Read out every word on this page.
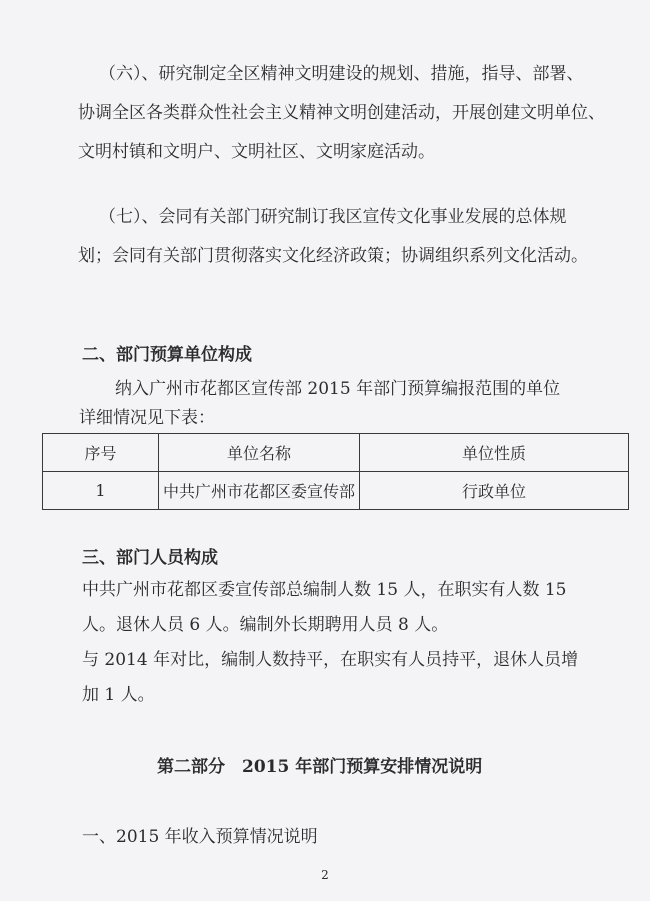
（六）、研究制定全区精神文明建设的规划、措施，指导、部署、
协调全区各类群众性社会主义精神文明创建活动，开展创建文明单位、
文明村镇和文明户、文明社区、文明家庭活动。

（七）、会同有关部门研究制订我区宣传文化事业发展的总体规
划；会同有关部门贯彻落实文化经济政策；协调组织系列文化活动。

二、部门预算单位构成

纳入广州市花都区宣传部 2015 年部门预算编报范围的单位
详细情况见下表：

序号	单位名称	单位性质
1	中共广州市花都区委宣传部	行政单位
三、部门人员构成

中共广州市花都区委宣传部总编制人数 15 人，在职实有人数 15
人。退休人员 6 人。编制外长期聘用人员 8 人。
与 2014 年对比，编制人数持平，在职实有人员持平，退休人员增
加 1 人。

第二部分　2015 年部门预算安排情况说明

一、2015 年收入预算情况说明

2
